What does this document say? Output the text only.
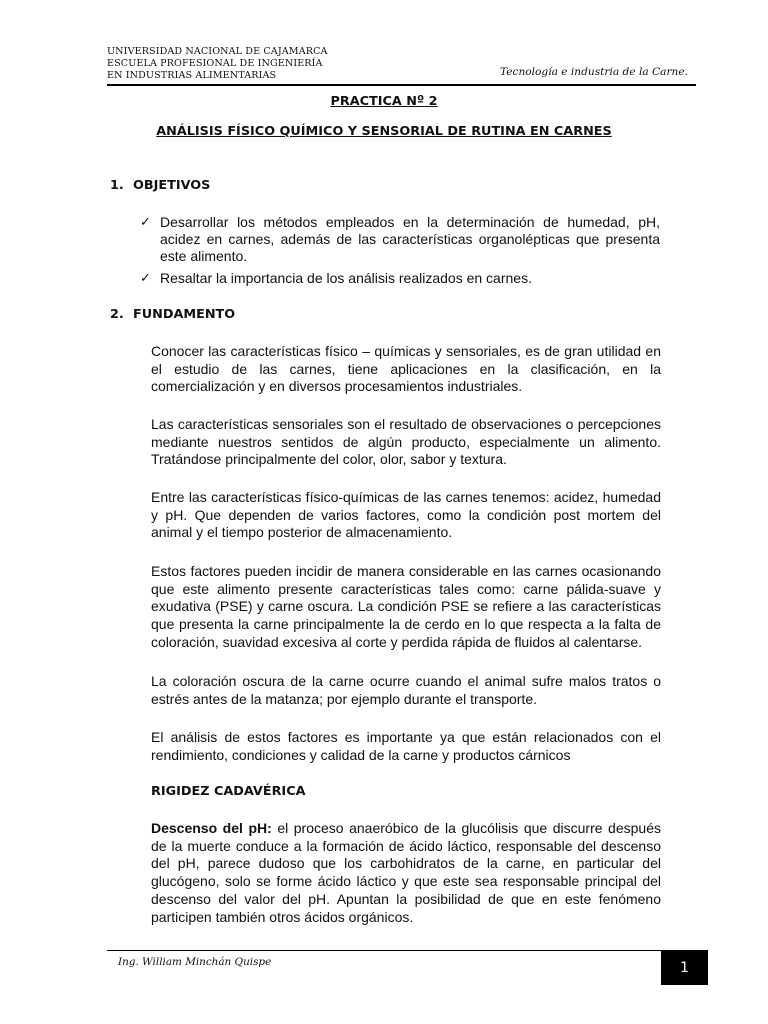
UNIVERSIDAD NACIONAL DE CAJAMARCA
ESCUELA PROFESIONAL DE INGENIERÍA
EN INDUSTRIAS ALIMENTARIAS	Tecnología e industria de la Carne.
PRACTICA Nº 2
ANÁLISIS FÍSICO QUÍMICO Y SENSORIAL DE RUTINA EN CARNES
1. OBJETIVOS
✓ Desarrollar los métodos empleados en la determinación de humedad, pH, acidez en carnes, además de las características organolépticas que presenta este alimento.
✓ Resaltar la importancia de los análisis realizados en carnes.
2. FUNDAMENTO
Conocer las características físico – químicas y sensoriales, es de gran utilidad en el estudio de las carnes, tiene aplicaciones en la clasificación, en la comercialización y en diversos procesamientos industriales.
Las características sensoriales son el resultado de observaciones o percepciones mediante nuestros sentidos de algún producto, especialmente un alimento. Tratándose principalmente del color, olor, sabor y textura.
Entre las características físico-químicas de las carnes tenemos: acidez, humedad y pH. Que dependen de varios factores, como la condición post mortem del animal y el tiempo posterior de almacenamiento.
Estos factores pueden incidir de manera considerable en las carnes ocasionando que este alimento presente características tales como: carne pálida-suave y exudativa (PSE) y carne oscura. La condición PSE se refiere a las características que presenta la carne principalmente la de cerdo en lo que respecta a la falta de coloración, suavidad excesiva al corte y perdida rápida de fluidos al calentarse.
La coloración oscura de la carne ocurre cuando el animal sufre malos tratos o estrés antes de la matanza; por ejemplo durante el transporte.
El análisis de estos factores es importante ya que están relacionados con el rendimiento, condiciones y calidad de la carne y productos cárnicos
RIGIDEZ CADAVÉRICA
Descenso del pH: el proceso anaeróbico de la glucólisis que discurre después de la muerte conduce a la formación de ácido láctico, responsable del descenso del pH, parece dudoso que los carbohidratos de la carne, en particular del glucógeno, solo se forme ácido láctico y que este sea responsable principal del descenso del valor del pH. Apuntan la posibilidad de que en este fenómeno participen también otros ácidos orgánicos.
Ing. William Minchán Quispe	1
